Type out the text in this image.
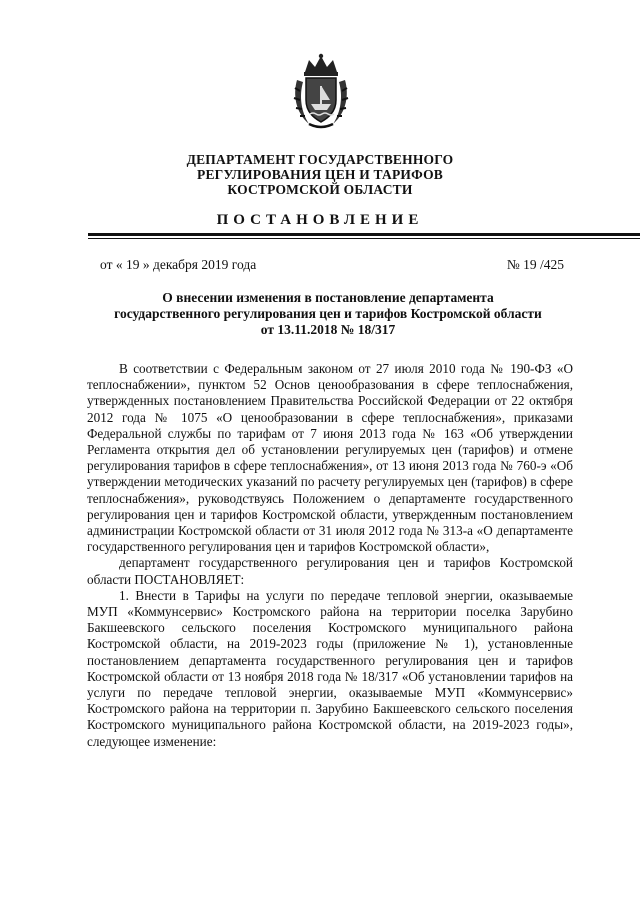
ДЕПАРТАМЕНТ ГОСУДАРСТВЕННОГО
РЕГУЛИРОВАНИЯ ЦЕН И ТАРИФОВ
КОСТРОМСКОЙ ОБЛАСТИ
ПОСТАНОВЛЕНИЕ
от « 19 » декабря 2019 года	№ 19 /425
О внесении изменения в постановление департамента
государственного регулирования цен и тарифов Костромской области
от 13.11.2018 № 18/317

В соответствии с Федеральным законом от 27 июля 2010 года № 190-ФЗ «О теплоснабжении», пунктом 52 Основ ценообразования в сфере теплоснабжения, утвержденных постановлением Правительства Российской Федерации от 22 октября 2012 года № 1075 «О ценообразовании в сфере теплоснабжения», приказами Федеральной службы по тарифам от 7 июня 2013 года № 163 «Об утверждении Регламента открытия дел об установлении регулируемых цен (тарифов) и отмене регулирования тарифов в сфере теплоснабжения», от 13 июня 2013 года № 760-э «Об утверждении методических указаний по расчету регулируемых цен (тарифов) в сфере теплоснабжения», руководствуясь Положением о департаменте государственного регулирования цен и тарифов Костромской области, утвержденным постановлением администрации Костромской области от 31 июля 2012 года № 313-а «О департаменте государственного регулирования цен и тарифов Костромской области»,

департамент государственного регулирования цен и тарифов Костромской области ПОСТАНОВЛЯЕТ:

1. Внести в Тарифы на услуги по передаче тепловой энергии, оказываемые МУП «Коммунсервис» Костромского района на территории поселка Зарубино Бакшеевского сельского поселения Костромского муниципального района Костромской области, на 2019-2023 годы (приложение № 1), установленные постановлением департамента государственного регулирования цен и тарифов Костромской области от 13 ноября 2018 года № 18/317 «Об установлении тарифов на услуги по передаче тепловой энергии, оказываемые МУП «Коммунсервис» Костромского района на территории п. Зарубино Бакшеевского сельского поселения Костромского муниципального района Костромской области, на 2019-2023 годы», следующее изменение:
